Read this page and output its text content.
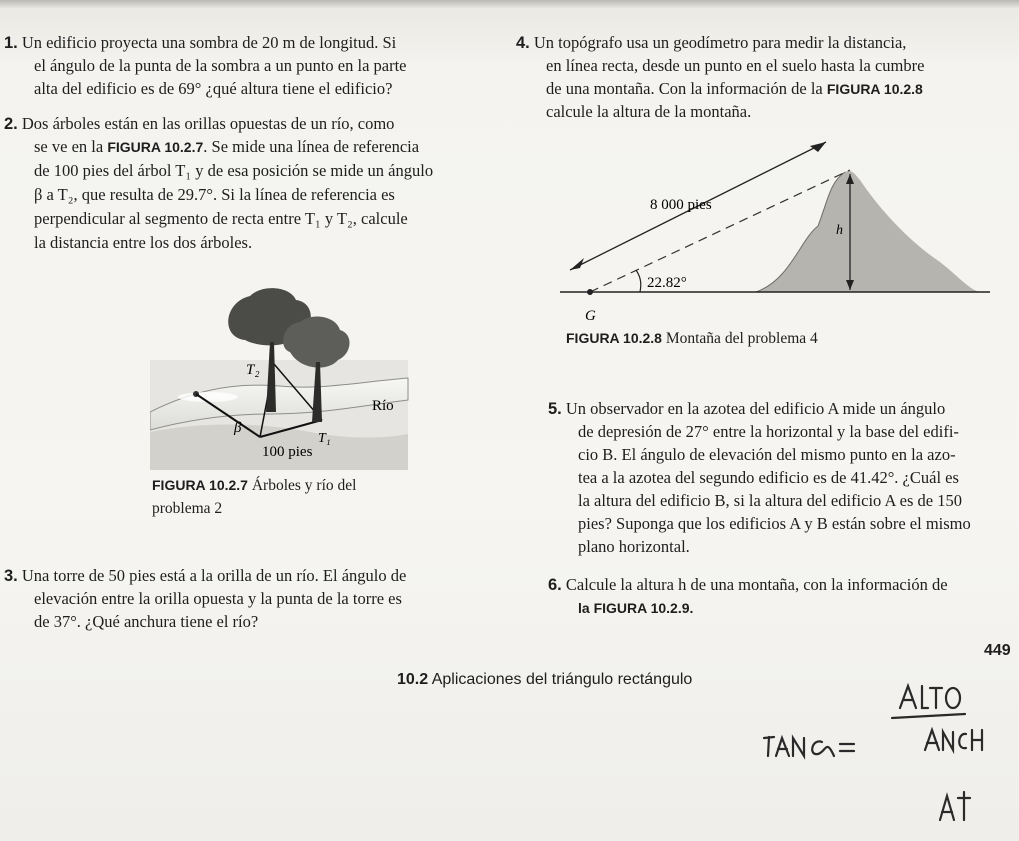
1. Un edificio proyecta una sombra de 20 m de longitud. Si
el ángulo de la punta de la sombra a un punto en la parte
alta del edificio es de 69° ¿qué altura tiene el edificio?
2. Dos árboles están en las orillas opuestas de un río, como
se ve en la FIGURA 10.2.7. Se mide una línea de referencia
de 100 pies del árbol T₁ y de esa posición se mide un ángulo
β a T₂, que resulta de 29.7°. Si la línea de referencia es
perpendicular al segmento de recta entre T₁ y T₂, calcule
la distancia entre los dos árboles.
T₂
Río
β
T₁
100 pies
FIGURA 10.2.7 Árboles y río del
problema 2
3. Una torre de 50 pies está a la orilla de un río. El ángulo de
elevación entre la orilla opuesta y la punta de la torre es
de 37°. ¿Qué anchura tiene el río?
4. Un topógrafo usa un geodímetro para medir la distancia,
en línea recta, desde un punto en el suelo hasta la cumbre
de una montaña. Con la información de la FIGURA 10.2.8
calcule la altura de la montaña.
8 000 pies
22.82°
h
G
FIGURA 10.2.8 Montaña del problema 4
5. Un observador en la azotea del edificio A mide un ángulo
de depresión de 27° entre la horizontal y la base del edifi-
cio B. El ángulo de elevación del mismo punto en la azo-
tea a la azotea del segundo edificio es de 41.42°. ¿Cuál es
la altura del edificio B, si la altura del edificio A es de 150
pies? Suponga que los edificios A y B están sobre el mismo
plano horizontal.
6. Calcule la altura h de una montaña, con la información de
la FIGURA 10.2.9.
449
10.2 Aplicaciones del triángulo rectángulo
